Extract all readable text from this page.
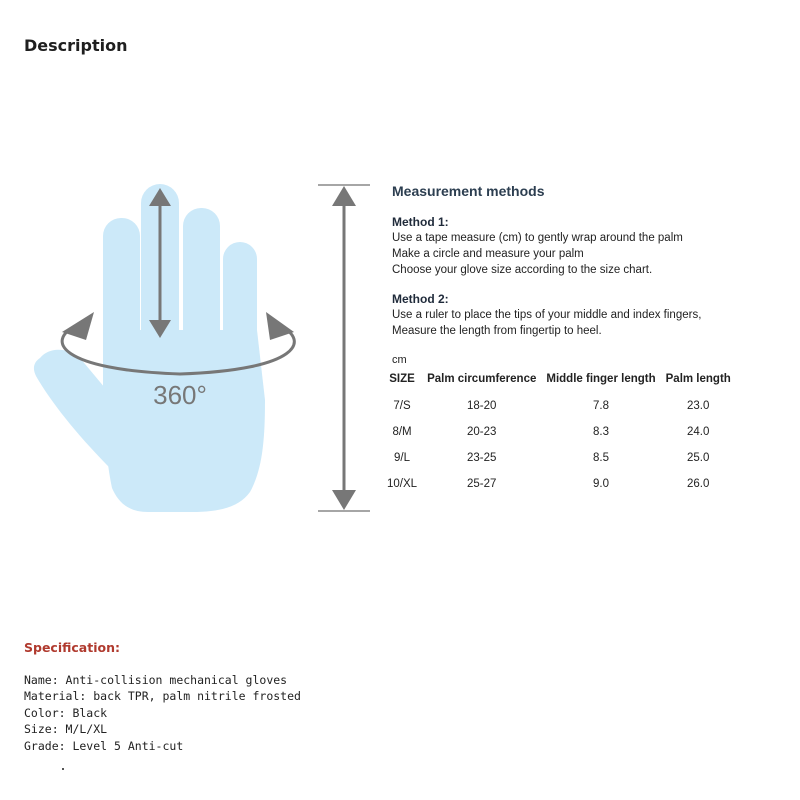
Description
360°
Measurement methods
Method 1:
Use a tape measure (cm) to gently wrap around the palm
Make a circle and measure your palm
Choose your glove size according to the size chart.
Method 2:
Use a ruler to place the tips of your middle and index fingers,
Measure the length from fingertip to heel.
cm
SIZE	Palm circumference	Middle finger length	Palm length
7/S	18-20	7.8	23.0
8/M	20-23	8.3	24.0
9/L	23-25	8.5	25.0
10/XL	25-27	9.0	26.0
Specification:
Name: Anti-collision mechanical gloves
Material: back TPR, palm nitrile frosted
Color: Black
Size: M/L/XL
Grade: Level 5 Anti-cut
